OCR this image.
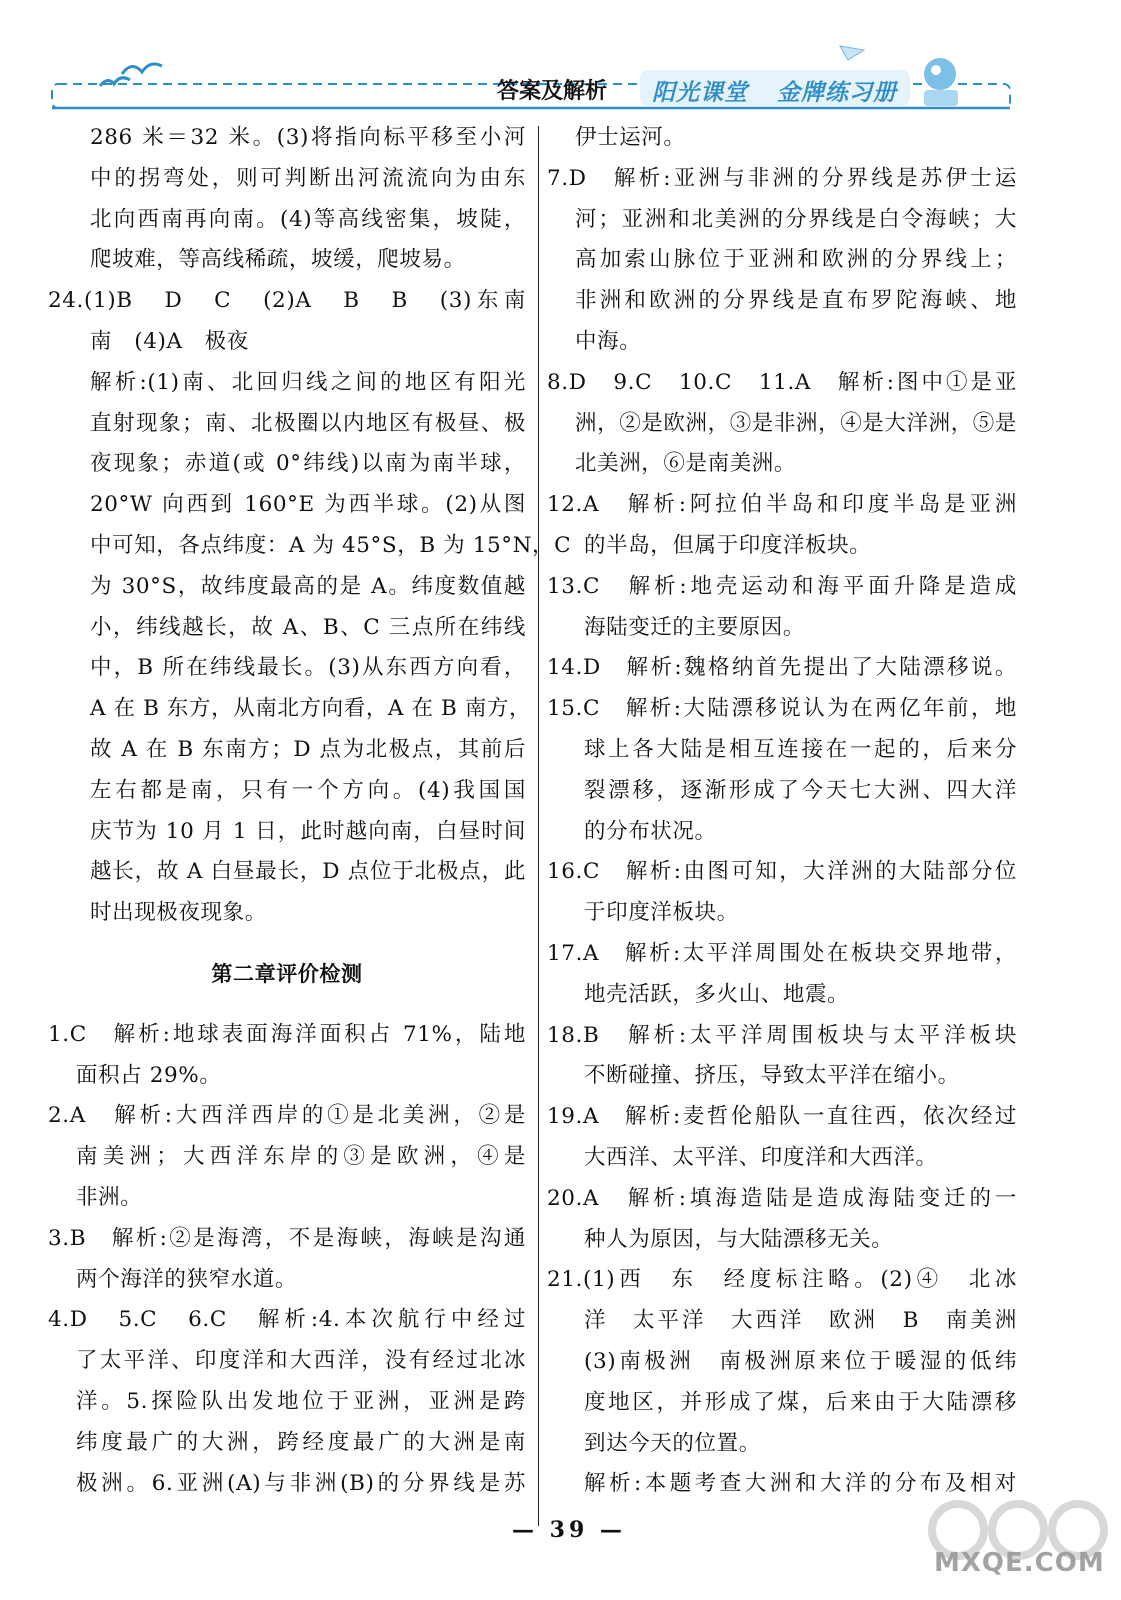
答案及解析 阳光课堂 金牌练习册
286 米＝32 米。(3)将指向标平移至小河
中的拐弯处，则可判断出河流流向为由东
北向西南再向南。(4)等高线密集，坡陡，
爬坡难，等高线稀疏，坡缓，爬坡易。
24.(1)B　D　C　(2)A　B　B　(3)东南
南　(4)A　极夜
解析:(1)南、北回归线之间的地区有阳光
直射现象；南、北极圈以内地区有极昼、极
夜现象；赤道(或 0°纬线)以南为南半球，
20°W 向西到 160°E 为西半球。(2)从图
中可知，各点纬度：A 为 45°S，B 为 15°N，C
为 30°S，故纬度最高的是 A。纬度数值越
小，纬线越长，故 A、B、C 三点所在纬线
中，B 所在纬线最长。(3)从东西方向看，
A 在 B 东方，从南北方向看，A 在 B 南方，
故 A 在 B 东南方；D 点为北极点，其前后
左右都是南，只有一个方向。(4)我国国
庆节为 10 月 1 日，此时越向南，白昼时间
越长，故 A 白昼最长，D 点位于北极点，此
时出现极夜现象。
第二章评价检测
1.C　解析:地球表面海洋面积占 71%，陆地
面积占 29%。
2.A　解析:大西洋西岸的①是北美洲，②是
南美洲；大西洋东岸的③是欧洲，④是
非洲。
3.B　解析:②是海湾，不是海峡，海峡是沟通
两个海洋的狭窄水道。
4.D　5.C　6.C　解析:4.本次航行中经过
了太平洋、印度洋和大西洋，没有经过北冰
洋。5.探险队出发地位于亚洲，亚洲是跨
纬度最广的大洲，跨经度最广的大洲是南
极洲。6.亚洲(A)与非洲(B)的分界线是苏
伊士运河。
7.D　解析:亚洲与非洲的分界线是苏伊士运
河；亚洲和北美洲的分界线是白令海峡；大
高加索山脉位于亚洲和欧洲的分界线上；
非洲和欧洲的分界线是直布罗陀海峡、地
中海。
8.D　9.C　10.C　11.A　解析:图中①是亚
洲，②是欧洲，③是非洲，④是大洋洲，⑤是
北美洲，⑥是南美洲。
12.A　解析:阿拉伯半岛和印度半岛是亚洲
的半岛，但属于印度洋板块。
13.C　解析:地壳运动和海平面升降是造成
海陆变迁的主要原因。
14.D　解析:魏格纳首先提出了大陆漂移说。
15.C　解析:大陆漂移说认为在两亿年前，地
球上各大陆是相互连接在一起的，后来分
裂漂移，逐渐形成了今天七大洲、四大洋
的分布状况。
16.C　解析:由图可知，大洋洲的大陆部分位
于印度洋板块。
17.A　解析:太平洋周围处在板块交界地带，
地壳活跃，多火山、地震。
18.B　解析:太平洋周围板块与太平洋板块
不断碰撞、挤压，导致太平洋在缩小。
19.A　解析:麦哲伦船队一直往西，依次经过
大西洋、太平洋、印度洋和大西洋。
20.A　解析:填海造陆是造成海陆变迁的一
种人为原因，与大陆漂移无关。
21.(1)西　东　经度标注略。(2)④　北冰
洋　太平洋　大西洋　欧洲　B　南美洲
(3)南极洲　南极洲原来位于暖湿的低纬
度地区，并形成了煤，后来由于大陆漂移
到达今天的位置。
解析:本题考查大洲和大洋的分布及相对
— 39 —
MXQE.COM
